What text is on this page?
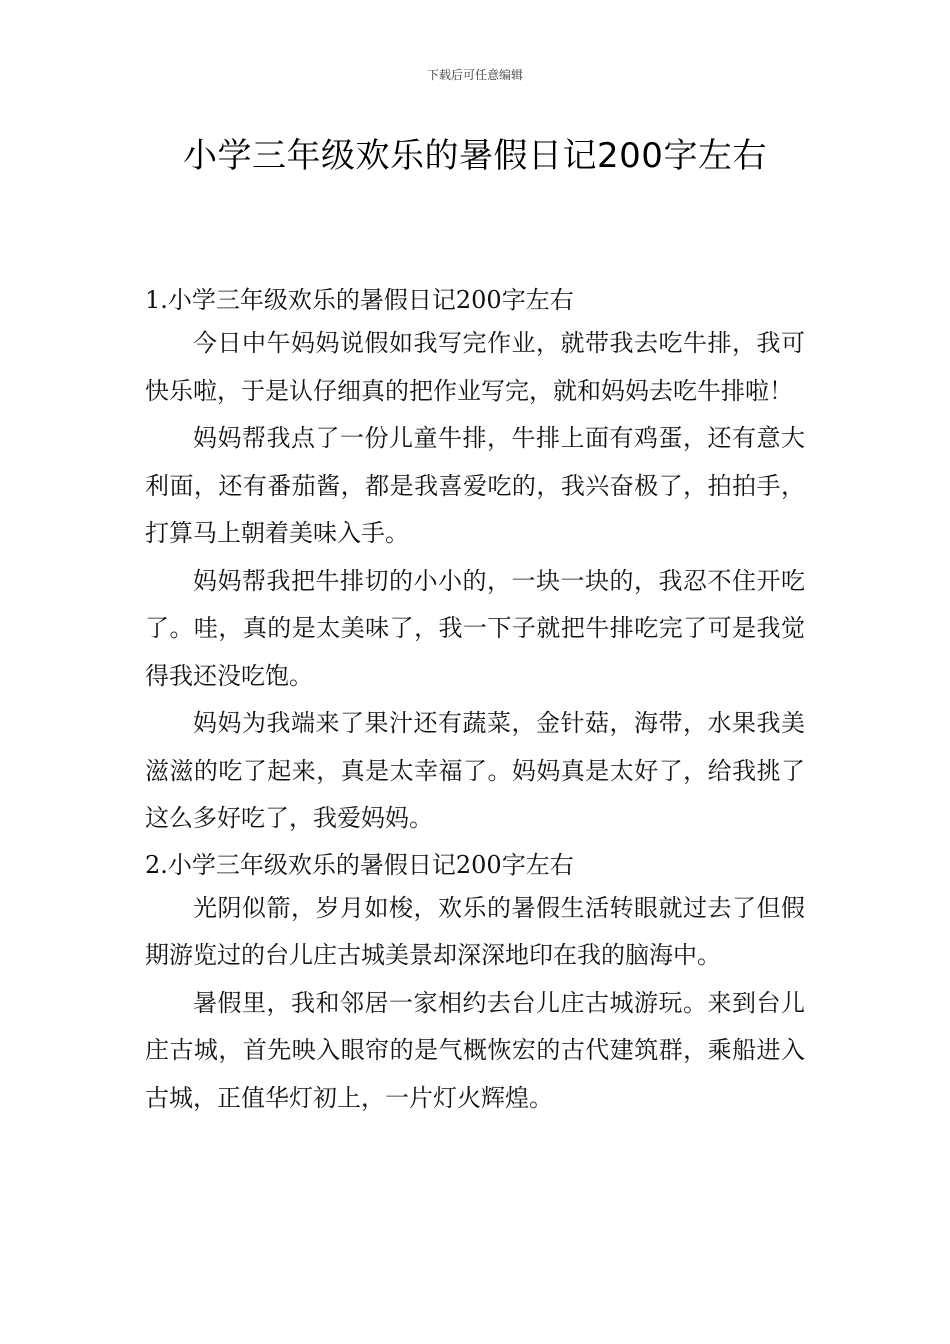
下载后可任意编辑
小学三年级欢乐的暑假日记200字左右
1.小学三年级欢乐的暑假日记200字左右

今日中午妈妈说假如我写完作业，就带我去吃牛排，我可快乐啦，于是认仔细真的把作业写完，就和妈妈去吃牛排啦！

妈妈帮我点了一份儿童牛排，牛排上面有鸡蛋，还有意大利面，还有番茄酱，都是我喜爱吃的，我兴奋极了，拍拍手，打算马上朝着美味入手。

妈妈帮我把牛排切的小小的，一块一块的，我忍不住开吃了。哇，真的是太美味了，我一下子就把牛排吃完了可是我觉得我还没吃饱。

妈妈为我端来了果汁还有蔬菜，金针菇，海带，水果我美滋滋的吃了起来，真是太幸福了。妈妈真是太好了，给我挑了这么多好吃了，我爱妈妈。

2.小学三年级欢乐的暑假日记200字左右

光阴似箭，岁月如梭，欢乐的暑假生活转眼就过去了但假期游览过的台儿庄古城美景却深深地印在我的脑海中。

暑假里，我和邻居一家相约去台儿庄古城游玩。来到台儿庄古城，首先映入眼帘的是气概恢宏的古代建筑群，乘船进入古城，正值华灯初上，一片灯火辉煌。
